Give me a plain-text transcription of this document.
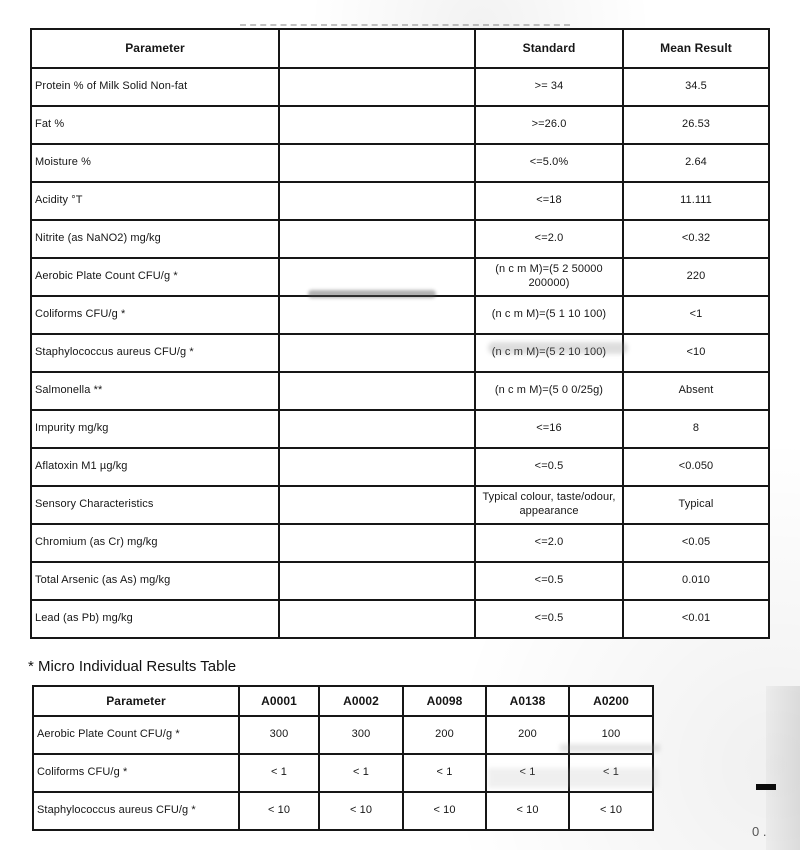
Parameter		Standard	Mean Result
Protein % of Milk Solid Non-fat		>= 34	34.5
Fat %		>=26.0	26.53
Moisture %		<=5.0%	2.64
Acidity °T		<=18	11.111
Nitrite (as NaNO2) mg/kg		<=2.0	<0.32
Aerobic Plate Count CFU/g *		(n c m M)=(5 2 50000 200000)	220
Coliforms CFU/g *		(n c m M)=(5 1 10 100)	<1
Staphylococcus aureus CFU/g *		(n c m M)=(5 2 10 100)	<10
Salmonella **		(n c m M)=(5 0 0/25g)	Absent
Impurity mg/kg		<=16	8
Aflatoxin M1 µg/kg		<=0.5	<0.050
Sensory Characteristics		Typical colour, taste/odour, appearance	Typical
Chromium (as Cr) mg/kg		<=2.0	<0.05
Total Arsenic (as As) mg/kg		<=0.5	0.010
Lead (as Pb) mg/kg		<=0.5	<0.01
* Micro Individual Results Table
Parameter	A0001	A0002	A0098	A0138	A0200
Aerobic Plate Count CFU/g *	300	300	200	200	100
Coliforms CFU/g *	< 1	< 1	< 1	< 1	< 1
Staphylococcus aureus CFU/g *	< 10	< 10	< 10	< 10	< 10
0 .
